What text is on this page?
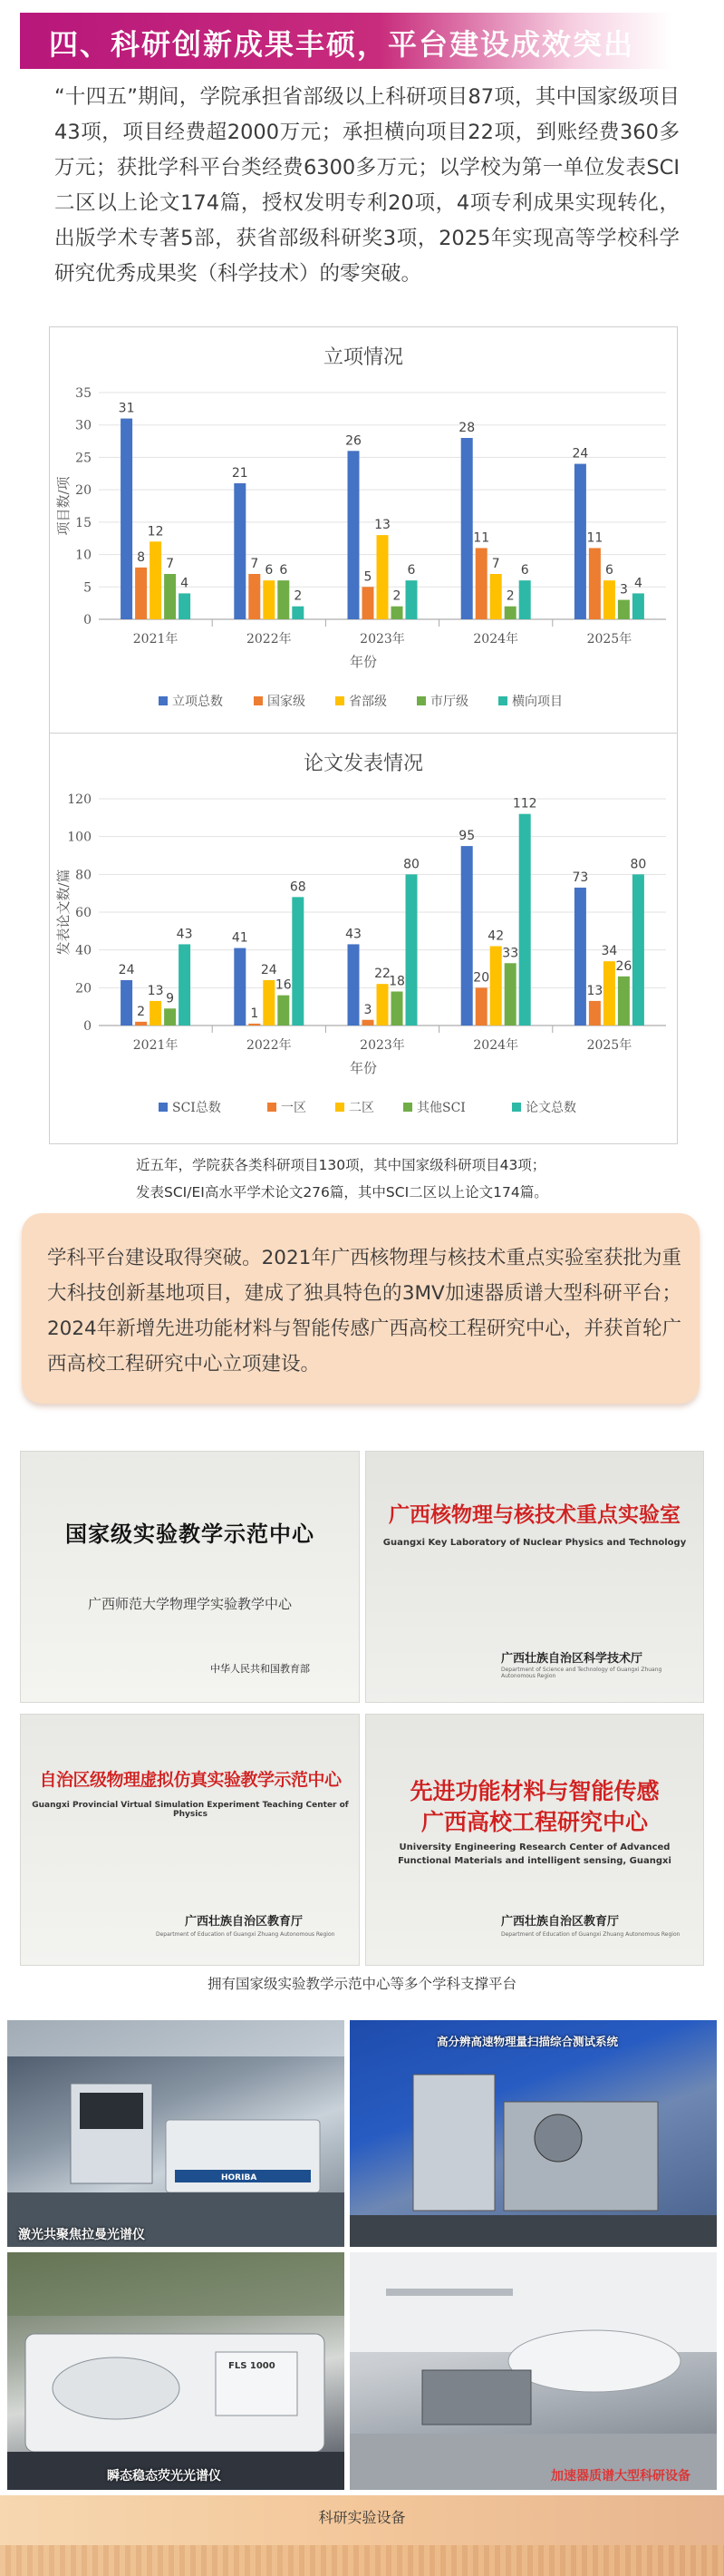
四、科研创新成果丰硕，平台建设成效突出
“十四五”期间，学院承担省部级以上科研项目87项，其中国家级项目43项，项目经费超2000万元；承担横向项目22项，到账经费360多万元；获批学科平台类经费6300多万元；以学校为第一单位发表SCI二区以上论文174篇，授权发明专利20项，4项专利成果实现转化，出版学术专著5部，获省部级科研奖3项，2025年实现高等学校科学研究优秀成果奖（科学技术）的零突破。
立项情况
0
5
10
15
20
25
30
35
项目数/项
2021年
31
8
12
7
4
2022年
21
7 6 6
2
2023年
26
5
13
2
6
2024年
28
11
7
2
6
2025年
24
11
6
3 4
年份
立项总数	国家级	省部级	市厅级	横向项目
论文发表情况
0
20
40
60
80
100
120
发表论文数/篇
2021年
24
2
13
9
43
2022年
41
1
24
16
68
2023年
43
3
22
18
80
2024年
95
20
42
33
112
2025年
73
13
34
26
80
年份
SCI总数	一区	二区	其他SCI	论文总数
近五年，学院获各类科研项目130项，其中国家级科研项目43项；
发表SCI/EI高水平学术论文276篇，其中SCI二区以上论文174篇。

学科平台建设取得突破。2021年广西核物理与核技术重点实验室获批为重大科技创新基地项目，建成了独具特色的3MV加速器质谱大型科研平台；2024年新增先进功能材料与智能传感广西高校工程研究中心，并获首轮广西高校工程研究中心立项建设。

国家级实验教学示范中心
广西师范大学物理学实验教学中心
中华人民共和国教育部
广西核物理与核技术重点实验室
Guangxi Key Laboratory of Nuclear Physics and Technology
广西壮族自治区科学技术厅
Department of Science and Technology of Guangxi Zhuang Autonomous Region
自治区级物理虚拟仿真实验教学示范中心
Guangxi Provincial Virtual Simulation Experiment Teaching Center of Physics
广西壮族自治区教育厅
Department of Education of Guangxi Zhuang Autonomous Region
先进功能材料与智能传感
广西高校工程研究中心
University Engineering Research Center of Advanced
Functional Materials and intelligent sensing, Guangxi
广西壮族自治区教育厅
Department of Education of Guangxi Zhuang Autonomous Region
拥有国家级实验教学示范中心等多个学科支撑平台
激光共聚焦拉曼光谱仪
HORIBA
高分辨高速物理量扫描综合测试系统
瞬态稳态荧光光谱仪
FLS 1000
加速器质谱大型科研设备
科研实验设备
